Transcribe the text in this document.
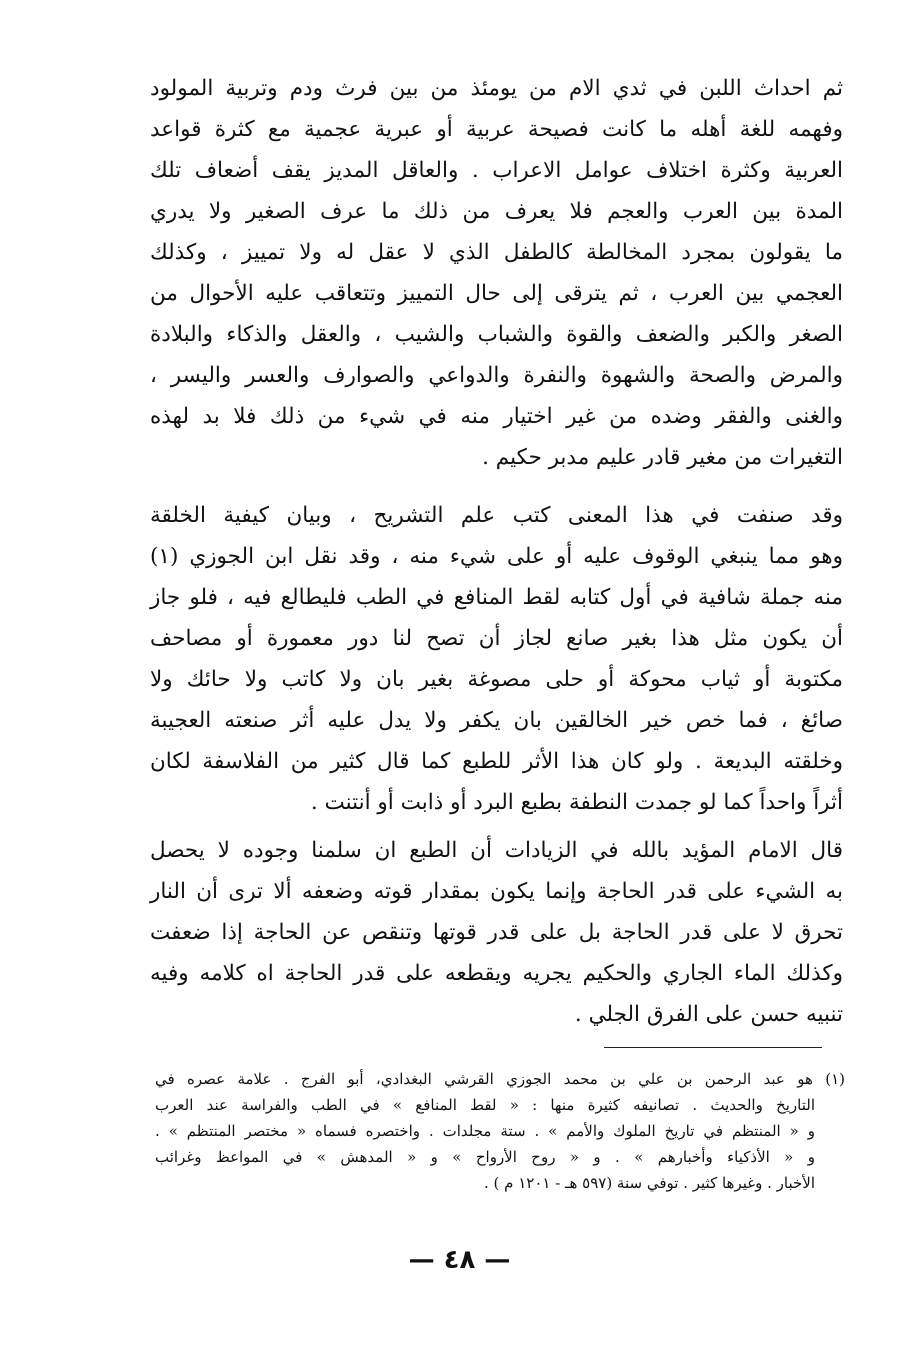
ثم احداث اللبن في ثدي الام من يومئذ من بين فرث ودم وتربية المولود
وفهمه للغة أهله ما كانت فصيحة عربية أو عبرية عجمية مع كثرة قواعد
العربية وكثرة اختلاف عوامل الاعراب . والعاقل المديز يقف أضعاف تلك
المدة بين العرب والعجم فلا يعرف من ذلك ما عرف الصغير ولا يدري
ما يقولون بمجرد المخالطة كالطفل الذي لا عقل له ولا تمييز ، وكذلك
العجمي بين العرب ، ثم يترقى إلى حال التمييز وتتعاقب عليه الأحوال من
الصغر والكبر والضعف والقوة والشباب والشيب ، والعقل والذكاء والبلادة
والمرض والصحة والشهوة والنفرة والدواعي والصوارف والعسر واليسر ،
والغنى والفقر وضده من غير اختيار منه في شيء من ذلك فلا بد لهذه
التغيرات من مغير قادر عليم مدبر حكيم .
وقد صنفت في هذا المعنى كتب علم التشريح ، وبيان كيفية الخلقة
وهو مما ينبغي الوقوف عليه أو على شيء منه ، وقد نقل ابن الجوزي (١)
منه جملة شافية في أول كتابه لقط المنافع في الطب فليطالع فيه ، فلو جاز
أن يكون مثل هذا بغير صانع لجاز أن تصح لنا دور معمورة أو مصاحف
مكتوبة أو ثياب محوكة أو حلى مصوغة بغير بان ولا كاتب ولا حائك ولا
صائغ ، فما خص خير الخالقين بان يكفر ولا يدل عليه أثر صنعته العجيبة
وخلقته البديعة . ولو كان هذا الأثر للطبع كما قال كثير من الفلاسفة لكان
أثراً واحداً كما لو جمدت النطفة بطبع البرد أو ذابت أو أنتنت .
قال الامام المؤيد بالله في الزيادات أن الطبع ان سلمنا وجوده لا يحصل
به الشيء على قدر الحاجة وإنما يكون بمقدار قوته وضعفه ألا ترى أن النار
تحرق لا على قدر الحاجة بل على قدر قوتها وتنقص عن الحاجة إذا ضعفت
وكذلك الماء الجاري والحكيم يجريه ويقطعه على قدر الحاجة اه كلامه وفيه
تنبيه حسن على الفرق الجلي .
(١) هو عبد الرحمن بن علي بن محمد الجوزي القرشي البغدادي، أبو الفرج . علامة عصره في
التاريخ والحديث . تصانيفه كثيرة منها : « لقط المنافع » في الطب والفراسة عند العرب
و « المنتظم في تاريخ الملوك والأمم » . ستة مجلدات . واختصره فسماه « مختصر المنتظم » .
و « الأذكياء وأخبارهم » . و « روح الأرواح » و « المدهش » في المواعظ وغرائب
الأخبار . وغيرها كثير . توفي سنة (٥٩٧ هـ - ١٢٠١ م ) .
— ٤٨ —
